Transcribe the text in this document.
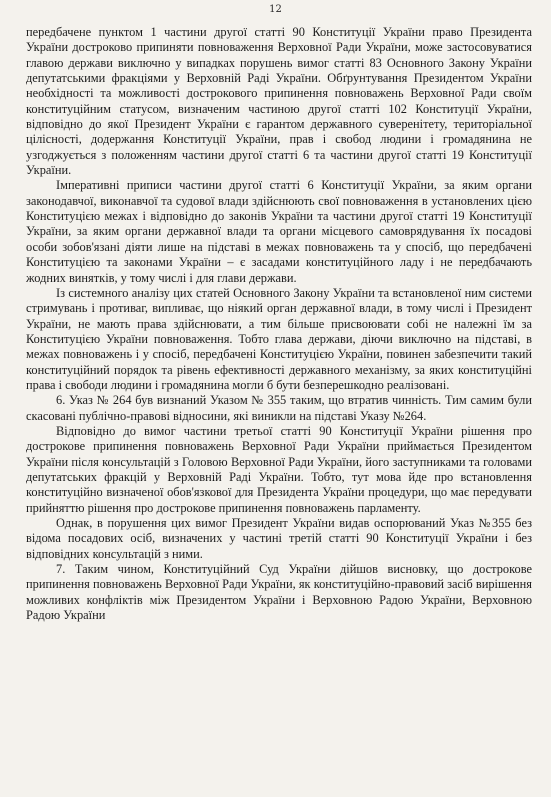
12

передбачене пунктом 1 частини другої статті 90 Конституції України право Президента України достроково припиняти повноваження Верховної Ради України, може застосовуватися главою держави виключно у випадках порушень вимог статті 83 Основного Закону України депутатськими фракціями у Верховній Раді України. Обґрунтування Президентом України необхідності та можливості дострокового припинення повноважень Верховної Ради своїм конституційним статусом, визначеним частиною другої статті 102 Конституції України, відповідно до якої Президент України є гарантом державного суверенітету, територіальної цілісності, додержання Конституції України, прав і свобод людини і громадянина не узгоджується з положенням частини другої статті 6 та частини другої статті 19 Конституції України.

Імперативні приписи частини другої статті 6 Конституції України, за яким органи законодавчої, виконавчої та судової влади здійснюють свої повноваження в установлених цією Конституцією межах і відповідно до законів України та частини другої статті 19 Конституції України, за яким органи державної влади та органи місцевого самоврядування їх посадові особи зобов'язані діяти лише на підставі в межах повноважень та у спосіб, що передбачені Конституцією та законами України – є засадами конституційного ладу і не передбачають жодних винятків, у тому числі і для глави держави.

Із системного аналізу цих статей Основного Закону України та встановленої ним системи стримувань і противаг, випливає, що ніякий орган державної влади, в тому числі і Президент України, не мають права здійснювати, а тим більше присвоювати собі не належні їм за Конституцією України повноваження. Тобто глава держави, діючи виключно на підставі, в межах повноважень і у спосіб, передбачені Конституцією України, повинен забезпечити такий конституційний порядок та рівень ефективності державного механізму, за яких конституційні права і свободи людини і громадянина могли б бути безперешкодно реалізовані.

6. Указ № 264 був визнаний Указом № 355 таким, що втратив чинність. Тим самим були скасовані публічно-правові відносини, які виникли на підставі Указу №264.

Відповідно до вимог частини третьої статті 90 Конституції України рішення про дострокове припинення повноважень Верховної Ради України приймається Президентом України після консультацій з Головою Верховної Ради України, його заступниками та головами депутатських фракцій у Верховній Раді України. Тобто, тут мова йде про встановлення конституційно визначеної обов'язкової для Президента України процедури, що має передувати прийняттю рішення про дострокове припинення повноважень парламенту.

Однак, в порушення цих вимог Президент України видав оспорюваний Указ №355 без відома посадових осіб, визначених у частині третій статті 90 Конституції України і без відповідних консультацій з ними.

7. Таким чином, Конституційний Суд України дійшов висновку, що дострокове припинення повноважень Верховної Ради України, як конституційно-правовий засіб вирішення можливих конфліктів між Президентом України і Верховною Радою України, Верховною Радою України
